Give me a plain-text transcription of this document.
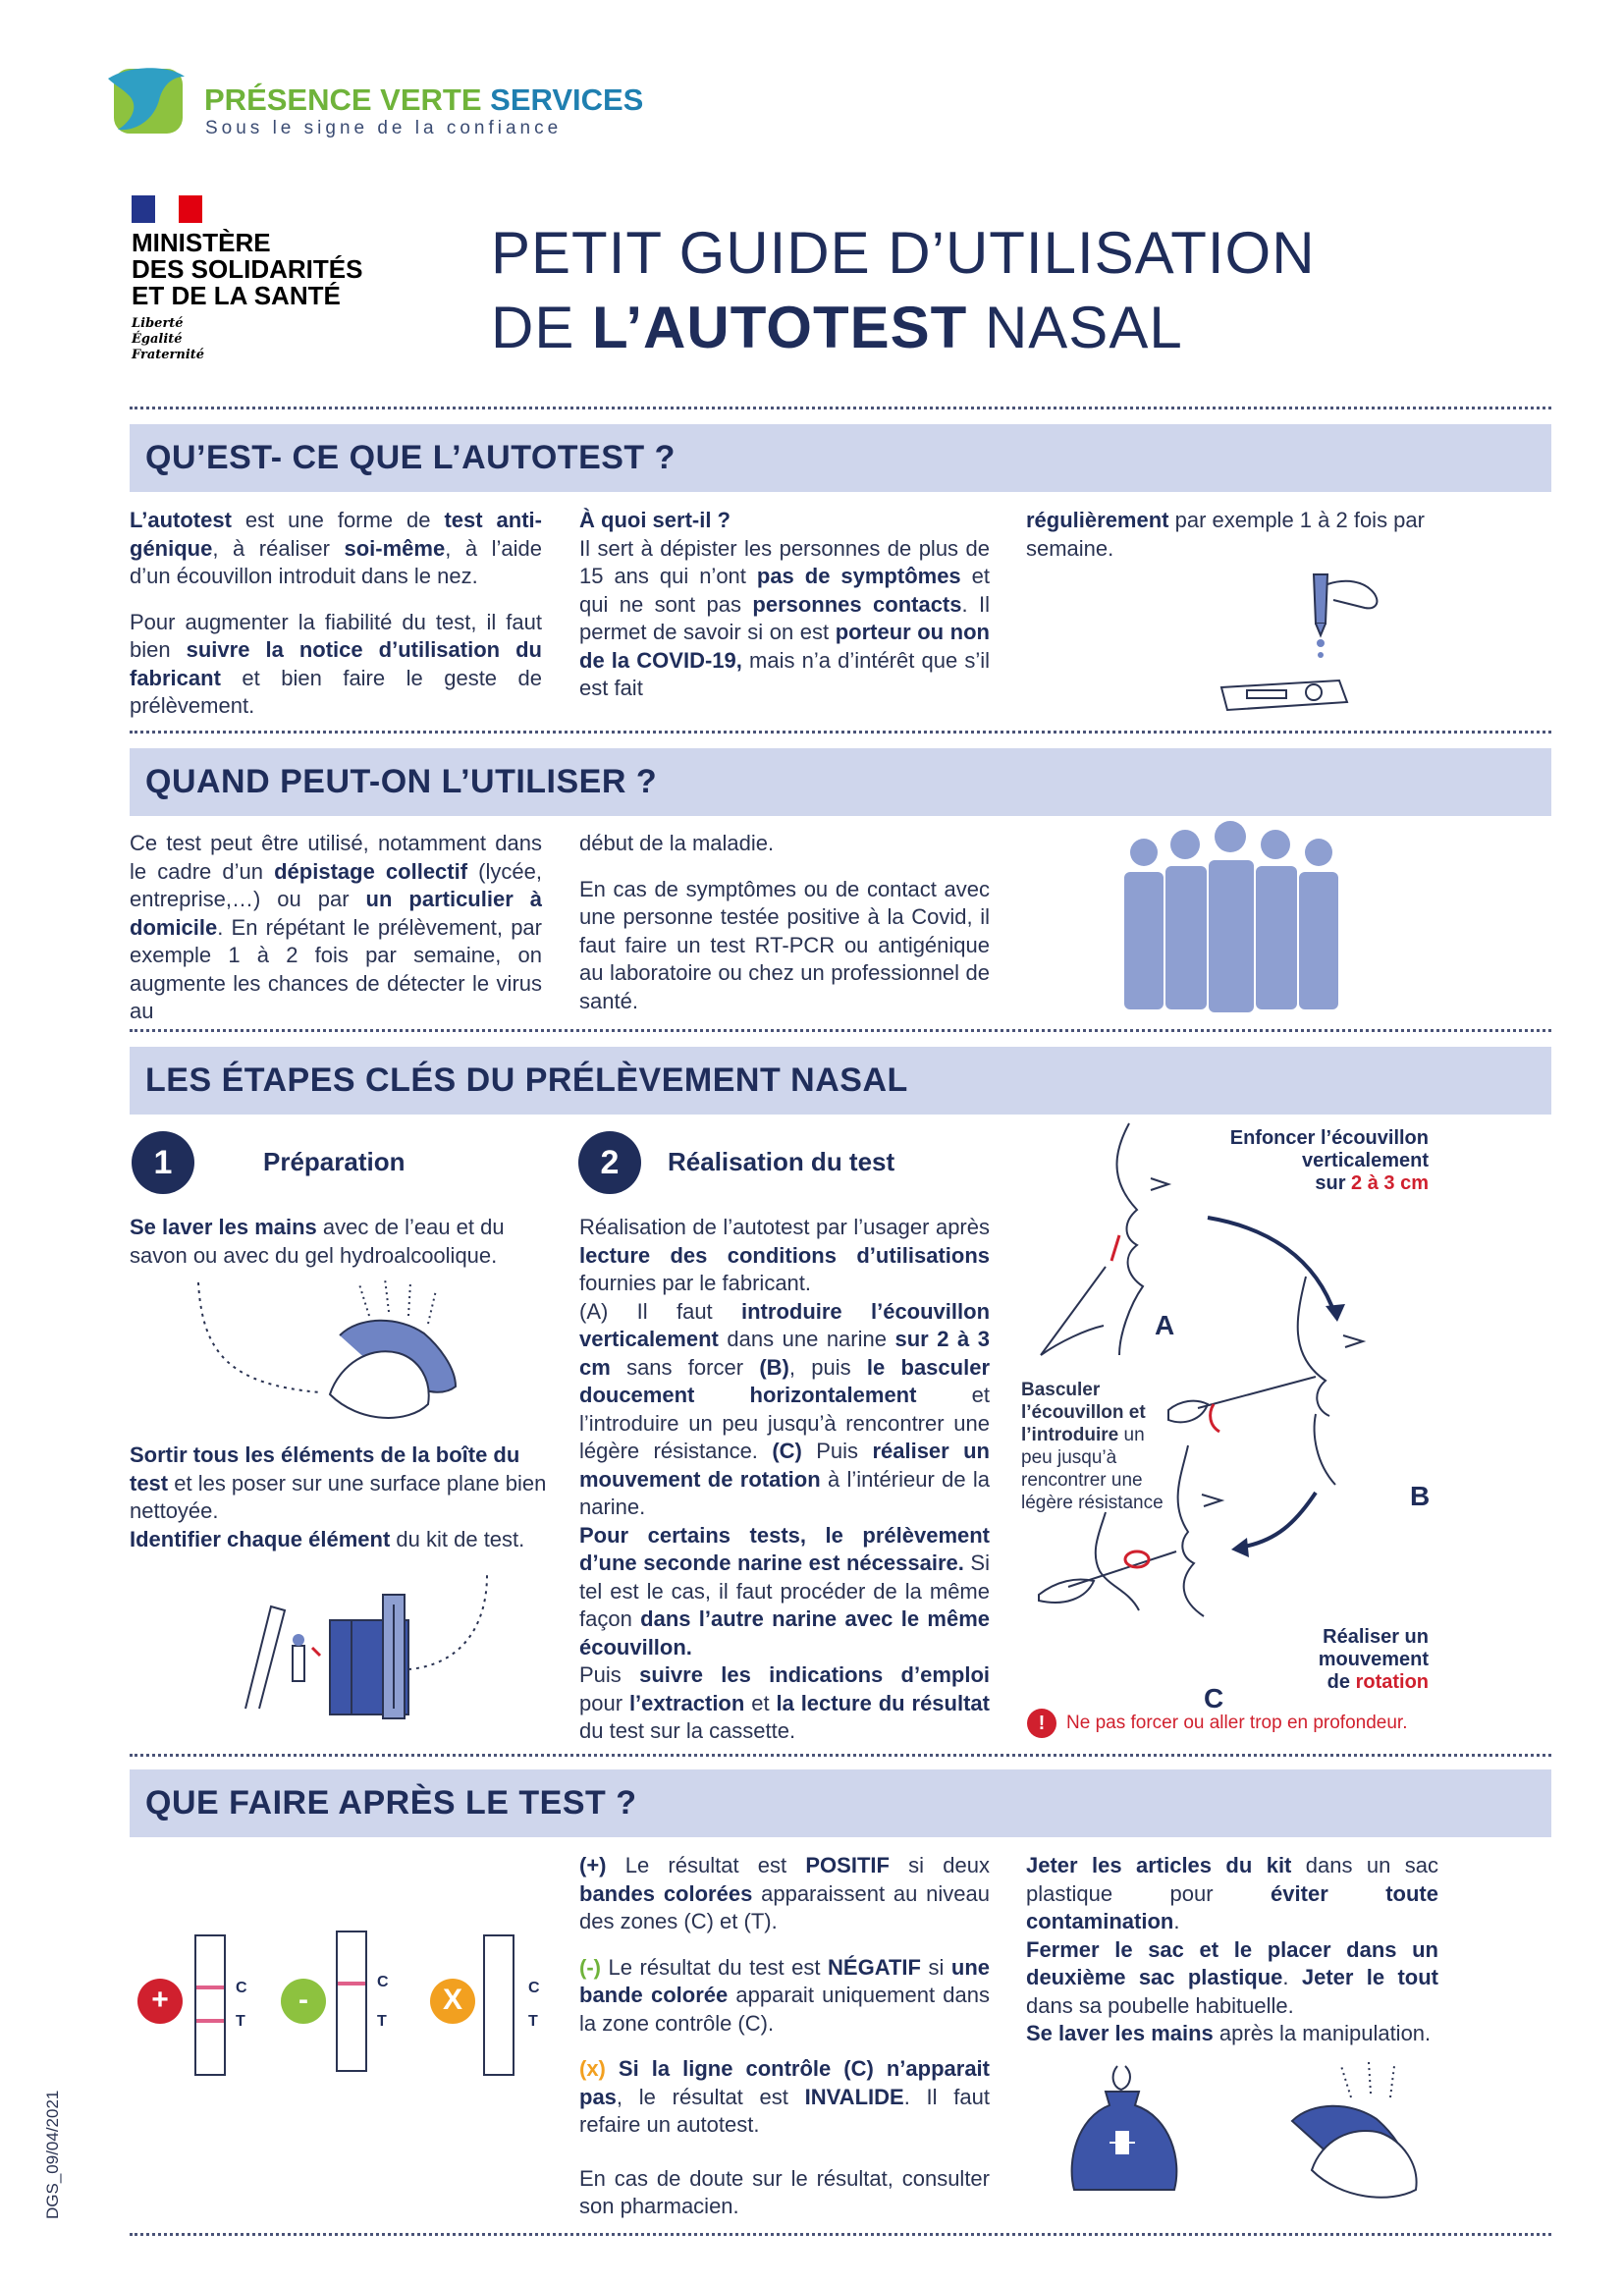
PRÉSENCE VERTE SERVICES
Sous le signe de la confiance
MINISTÈRE
DES SOLIDARITÉS
ET DE LA SANTÉ
Liberté
Égalité
Fraternité
PETIT GUIDE D’UTILISATION
DE L’AUTOTEST NASAL
QU’EST- CE QUE L’AUTOTEST ?

L’autotest est une forme de test anti-génique, à réaliser soi-même, à l’aide d’un écouvillon introduit dans le nez.

Pour augmenter la fiabilité du test, il faut bien suivre la notice d’utilisation du fabricant et bien faire le geste de prélèvement.

À quoi sert-il ?
Il sert à dépister les personnes de plus de 15 ans qui n’ont pas de symptômes et qui ne sont pas personnes contacts. Il permet de savoir si on est porteur ou non de la COVID-19, mais n’a d’intérêt que s’il est fait
régulièrement par exemple 1 à 2 fois par semaine.
QUAND PEUT-ON L’UTILISER ?
Ce test peut être utilisé, notamment dans le cadre d’un dépistage collectif (lycée, entreprise,…) ou par un particulier à domicile. En répétant le prélèvement, par exemple 1 à 2 fois par semaine, on augmente les chances de détecter le virus au

début de la maladie.

En cas de symptômes ou de contact avec une personne testée positive à la Covid, il faut faire un test RT-PCR ou antigénique au laboratoire ou chez un professionnel de santé.

LES ÉTAPES CLÉS DU PRÉLÈVEMENT NASAL
1	Préparation
Se laver les mains avec de l’eau et du savon ou avec du gel hydroalcoolique.
Sortir tous les éléments de la boîte du test et les poser sur une surface plane bien nettoyée.
Identifier chaque élément du kit de test.
2	Réalisation du test
Réalisation de l’autotest par l’usager après lecture des conditions d’utilisations fournies par le fabricant.
(A) Il faut introduire l’écouvillon verticalement dans une narine sur 2 à 3 cm sans forcer (B), puis le basculer doucement horizontalement et l’introduire un peu jusqu’à rencontrer une légère résistance. (C) Puis réaliser un mouvement de rotation à l’intérieur de la narine.
Pour certains tests, le prélèvement d’une seconde narine est nécessaire. Si tel est le cas, il faut procéder de la même façon dans l’autre narine avec le même écouvillon.
Puis suivre les indications d’emploi pour l’extraction et la lecture du résultat du test sur la cassette.
Enfoncer l’écouvillon
verticalement
sur 2 à 3 cm
A
B
C
Basculer l’écouvillon et l’introduire un peu jusqu’à rencontrer une légère résistance
Réaliser un
mouvement
de rotation
!	Ne pas forcer ou aller trop en profondeur.
QUE FAIRE APRÈS LE TEST ?
+	C
T
-
C
T
X	C
T

(+) Le résultat est POSITIF si deux bandes colorées apparaissent au niveau des zones (C) et (T).

(-) Le résultat du test est NÉGATIF si une bande colorée apparait uniquement dans la zone contrôle (C).

(x) Si la ligne contrôle (C) n’apparait pas, le résultat est INVALIDE. Il faut refaire un autotest.

En cas de doute sur le résultat, consulter son pharmacien.

Jeter les articles du kit dans un sac plastique pour éviter toute contamination.
Fermer le sac et le placer dans un deuxième sac plastique. Jeter le tout dans sa poubelle habituelle.
Se laver les mains après la manipulation.
DGS_09/04/2021
